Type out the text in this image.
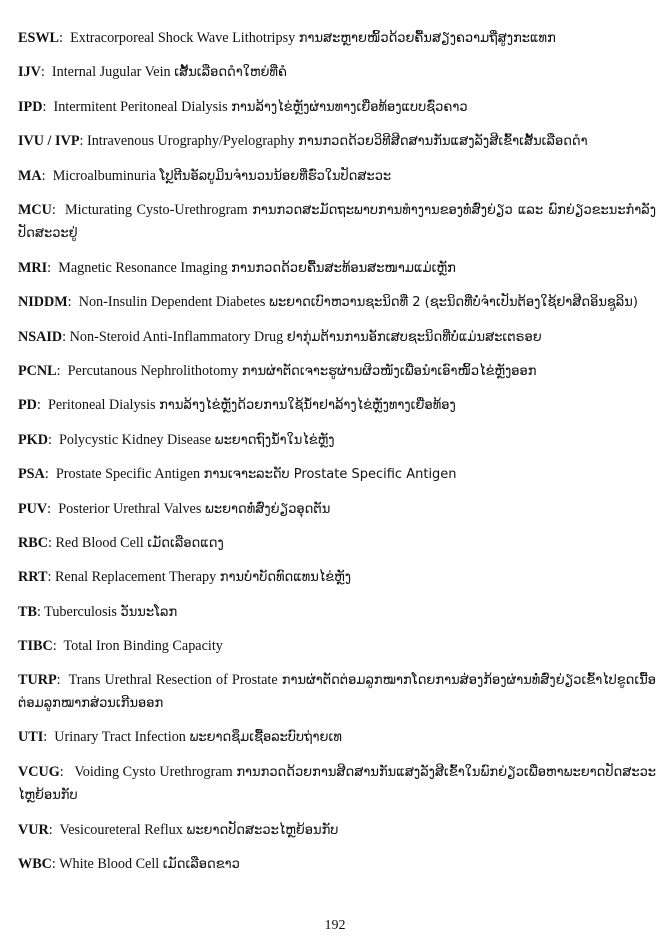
ESWL:  Extracorporeal Shock Wave Lithotripsy ການສະຫຼາຍໜິ້ວດ້ວຍຄື້ນສຽງຄວາມຖີ່ສູງກະແທກ
IJV:  Internal Jugular Vein ເສັ້ນເລືອດດຳໃຫຍ່ທີ່ຄໍ
IPD:  Intermitent Peritoneal Dialysis ການລ້າງໄຂ່ຫຼັງຜ່ານທາງເຍື່ອທ້ອງແບບຊົ່ວຄາວ
IVU / IVP: Intravenous Urography/Pyelography ການກວດດ້ວຍວິທີສີດສານກັນແສງລັງສີເຂົ້າເສັ້ນເລືອດດຳ
MA:  Microalbuminuria ໂປຼຕີນອັລບູມິນຈຳນວນນ້ອຍທີ່ຮົ່ວໃນປັດສະວະ
MCU:  Micturating Cysto-Urethrogram ການກວດສະມັດຖະພາບການທຳງານຂອງທໍ່ສົ່ງຍ່ຽວ ແລະ ພົກຍ່ຽວຂະນະກຳລັງປັດສະວະຢູ່
MRI:  Magnetic Resonance Imaging ການກວດດ້ວຍຄື້ນສະທ້ອນສະໜາມແມ່ເຫຼັກ
NIDDM:  Non-Insulin Dependent Diabetes ພະຍາດເບົາຫວານຊະນິດທີ່ 2 (ຊະນິດທີ່ບໍ່ຈຳເປັນຕ້ອງໃຊ້ຢາສີດອິນຊູລິນ)
NSAID: Non-Steroid Anti-Inflammatory Drug ຢາກຸ່ມຕ້ານການອັກເສບຊະນິດທີ່ບໍ່ແມ່ນສະເຕຣອຍ
PCNL:  Percutanous Nephrolithotomy ການຜ່າຕັດເຈາະຮູຜ່ານຜິວໜັງເພື່ອນຳເອົາໜິ້ວໄຂ່ຫຼັງອອກ
PD:  Peritoneal Dialysis ການລ້າງໄຂ່ຫຼັງດ້ວຍການໃຊ້ນ້ຳຢາລ້າງໄຂ່ຫຼັງທາງເຍື່ອທ້ອງ
PKD:  Polycystic Kidney Disease ພະຍາດຖົງນ້ຳໃນໄຂ່ຫຼັງ
PSA:  Prostate Specific Antigen ການເຈາະລະດັບ Prostate Specific Antigen
PUV:  Posterior Urethral Valves ພະຍາດທໍ່ສົ່ງຍ່ຽວອຸດຕັນ
RBC: Red Blood Cell ເມັດເລືອດແດງ
RRT: Renal Replacement Therapy ການບຳບັດທົດແທນໄຂ່ຫຼັງ
TB: Tuberculosis ວັນນະໂລກ
TIBC:  Total Iron Binding Capacity
TURP:  Trans Urethral Resection of Prostate ການຜ່າຕັດຕ່ອມລູກໝາກໂດຍການສ່ອງກ້ອງຜ່ານທໍ່ສົ່ງຍ່ຽວເຂົ້າໄປຂູດເນື້ອຕ່ອມລູກໝາກສ່ວນເກີນອອກ
UTI:  Urinary Tract Infection ພະຍາດຊຶມເຊື້ອລະບົບຖ່າຍເທ
VCUG:   Voiding Cysto Urethrogram ການກວດດ້ວຍການສີດສານກັນແສງລັງສີເຂົ້າໃນພົກຍ່ຽວເພື່ອຫາພະຍາດປັດສະວະໄຫຼຍ້ອນກັບ
VUR:  Vesicoureteral Reflux ພະຍາດປັດສະວະໄຫຼຍ້ອນກັບ
WBC: White Blood Cell ເມັດເລືອດຂາວ
192
